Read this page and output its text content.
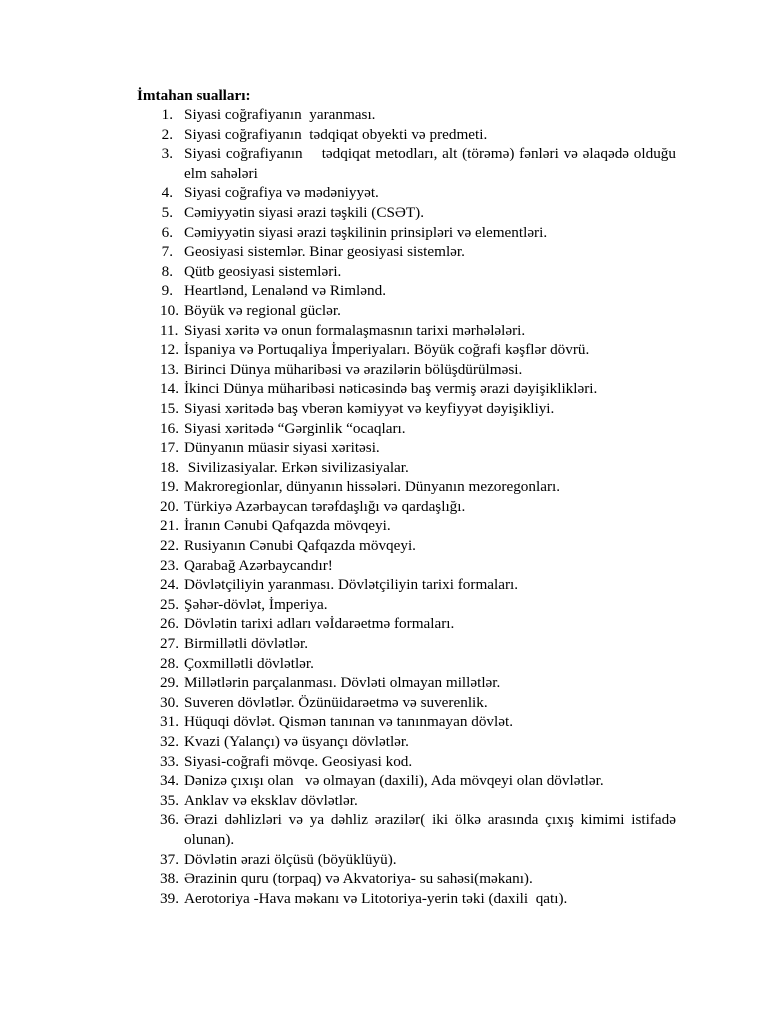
İmtahan sualları:
1. Siyasi coğrafiyanın  yaranması.
2. Siyasi coğrafiyanın  tədqiqat obyekti və predmeti.
3. Siyasi coğrafiyanın    tədqiqat metodları, alt (törəmə) fənləri və əlaqədə olduğu elm sahələri
4. Siyasi coğrafiya və mədəniyyət.
5. Cəmiyyətin siyasi ərazi təşkili (CSƏT).
6. Cəmiyyətin siyasi ərazi təşkilinin prinsipləri və elementləri.
7. Geosiyasi sistemlər. Binar geosiyasi sistemlər.
8. Qütb geosiyasi sistemləri.
9. Heartlənd, Lenalənd və Rimlənd.
10. Böyük və regional güclər.
11. Siyasi xəritə və onun formalaşmasnın tarixi mərhələləri.
12. İspaniya və Portuqaliya İmperiyaları. Böyük coğrafi kəşflər dövrü.
13. Birinci Dünya müharibəsi və ərazilərin bölüşdürülməsi.
14. İkinci Dünya müharibəsi nəticəsində baş vermiş ərazi dəyişiklikləri.
15. Siyasi xəritədə baş vberən kəmiyyət və keyfiyyət dəyişikliyi.
16. Siyasi xəritədə “Gərginlik “ocaqları.
17. Dünyanın müasir siyasi xəritəsi.
18. Sivilizasiyalar. Erkən sivilizasiyalar.
19. Makroregionlar, dünyanın hissələri. Dünyanın mezoregonları.
20. Türkiyə Azərbaycan tərəfdaşlığı və qardaşlığı.
21. İranın Cənubi Qafqazda mövqeyi.
22. Rusiyanın Cənubi Qafqazda mövqeyi.
23. Qarabağ Azərbaycandır!
24. Dövlətçiliyin yaranması. Dövlətçiliyin tarixi formaları.
25. Şəhər-dövlət, İmperiya.
26. Dövlətin tarixi adları vəİdarəetmə formaları.
27. Birmillətli dövlətlər.
28. Çoxmillətli dövlətlər.
29. Millətlərin parçalanması. Dövləti olmayan millətlər.
30. Suveren dövlətlər. Özünüidarəetmə və suverenlik.
31. Hüquqi dövlət. Qismən tanınan və tanınmayan dövlət.
32. Kvazi (Yalançı) və üsyançı dövlətlər.
33. Siyasi-coğrafi mövqe. Geosiyasi kod.
34. Dənizə çıxışı olan   və olmayan (daxili), Ada mövqeyi olan dövlətlər.
35. Anklav və eksklav dövlətlər.
36. Ərazi dəhlizləri və ya dəhliz ərazilər( iki ölkə arasında çıxış kimimi istifadə olunan).
37. Dövlətin ərazi ölçüsü (böyüklüyü).
38. Ərazinin quru (torpaq) və Akvatoriya- su sahəsi(məkanı).
39. Aerotoriya -Hava məkanı və Litotoriya-yerin təki (daxili  qatı).
